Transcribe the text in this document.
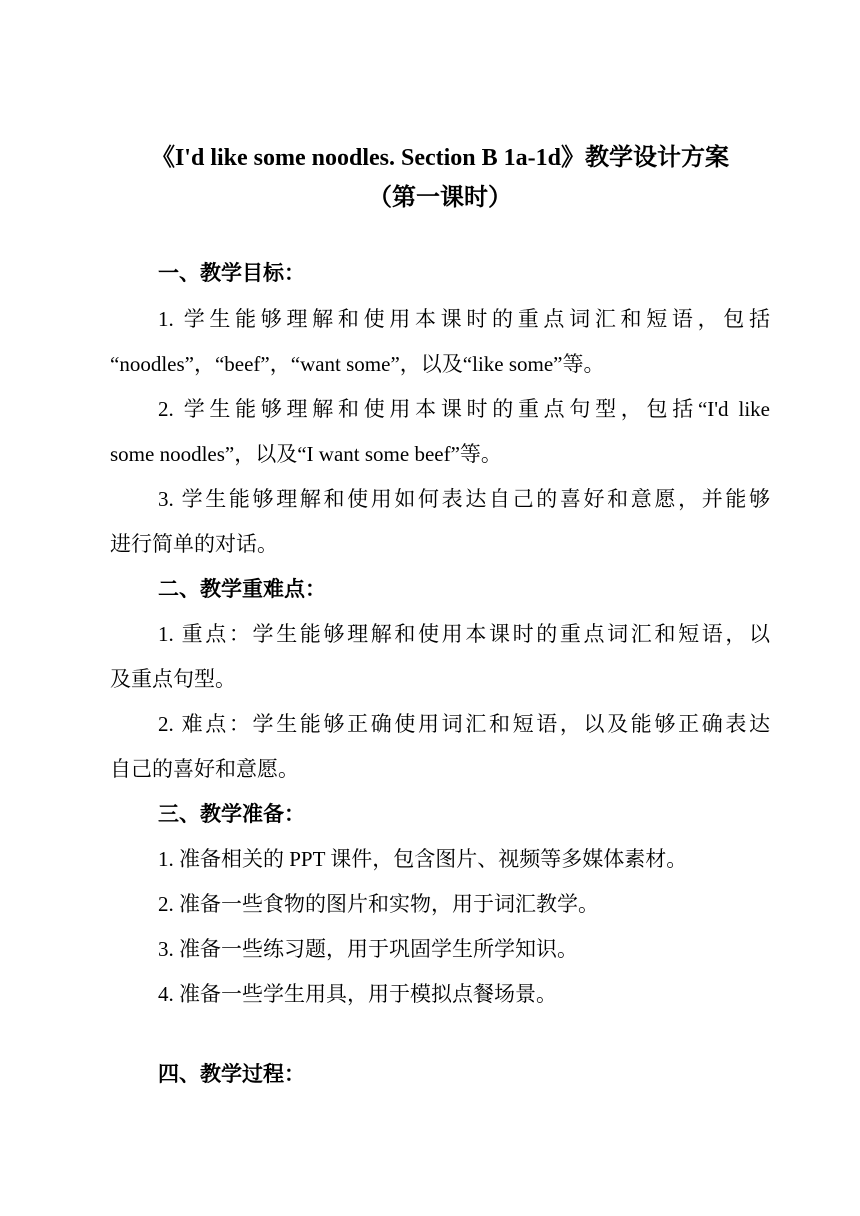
《I'd like some noodles. Section B 1a-1d》教学设计方案
（第一课时）
一、教学目标：
1. 学生能够理解和使用本课时的重点词汇和短语，包括
“noodles”，“beef”，“want some”，以及“like some”等。
2. 学生能够理解和使用本课时的重点句型，包括“I'd like
some noodles”，以及“I want some beef”等。
3. 学生能够理解和使用如何表达自己的喜好和意愿，并能够
进行简单的对话。
二、教学重难点：
1. 重点：学生能够理解和使用本课时的重点词汇和短语，以
及重点句型。
2. 难点：学生能够正确使用词汇和短语，以及能够正确表达
自己的喜好和意愿。
三、教学准备：
1. 准备相关的 PPT 课件，包含图片、视频等多媒体素材。
2. 准备一些食物的图片和实物，用于词汇教学。
3. 准备一些练习题，用于巩固学生所学知识。
4. 准备一些学生用具，用于模拟点餐场景。
四、教学过程：
